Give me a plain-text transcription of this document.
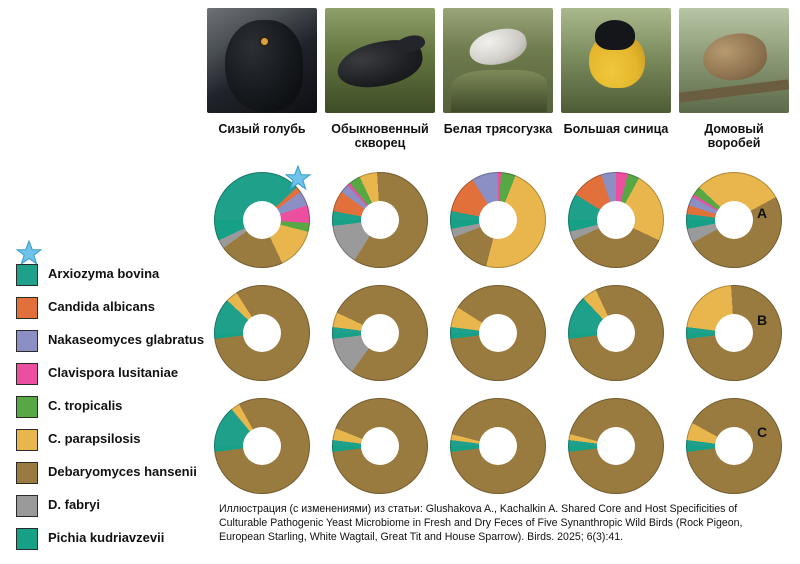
Сизый голубь	Обыкновенный скворец
Белая трясогузка Большая синица	Домовый воробей
Arxiozyma bovina
Candida albicans
Nakaseomyces glabratus
Clavispora lusitaniae
C. tropicalis
C. parapsilosis
Debaryomyces hansenii
D. fabryi
Pichia kudriavzevii
A
B
C
Иллюстрация (с изменениями) из статьи: Glushakova A., Kachalkin A. Shared Core and Host Specificities of Culturable Pathogenic Yeast Microbiome in Fresh and Dry Feces of Five Synanthropic Wild Birds (Rock Pigeon, European Starling, White Wagtail, Great Tit and House Sparrow). Birds. 2025; 6(3):41.
